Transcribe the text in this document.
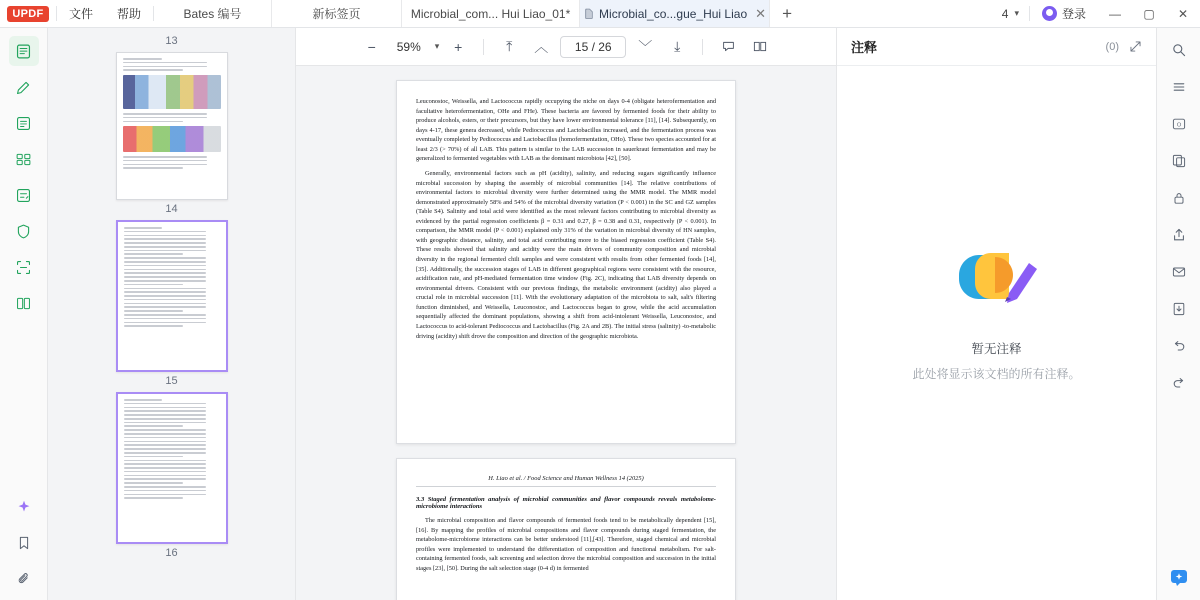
UPDF	文件	帮助	Bates 编号	新标签页	Microbial_com... Hui Liao_01* Microbial_co...gue_Hui Liao ✕ +	4 ▾	登录	—	▢	✕
13
14
15
16
−	59%	▾	+	⤒	︿	15 / 26	﹀	⤓

Leuconostoc, Weissella, and Lactococcus rapidly occupying the niche on days 0-4 (obligate heterofermentation and facultative heterofermentation, OHe and FHe). These bacteria are favored by fermented foods for their ability to produce alcohols, esters, or their precursors, but they have lower environmental tolerance [11], [14]. Subsequently, on days 4-17, these genera decreased, while Pediococcus and Lactobacillus increased, and the fermentation process was eventually completed by Pediococcus and Lactobacillus (homofermentation, OHo). These two species accounted for at least 2/3 (> 70%) of all LAB. This pattern is similar to the LAB succession in sauerkraut fermentation and may be generalized to fermented vegetables with LAB as the dominant microbiota [42], [50].

Generally, environmental factors such as pH (acidity), salinity, and reducing sugars significantly influence microbial succession by shaping the assembly of microbial communities [14]. The relative contributions of environmental factors to microbial diversity were further determined using the MMR model. The MMR model demonstrated approximately 58% and 54% of the microbial diversity variation (P < 0.001) in the SC and GZ samples (Table S4). Salinity and total acid were identified as the most relevant factors contributing to microbial diversity as evidenced by the partial regression coefficients β = 0.31 and 0.27, β = 0.38 and 0.31, respectively (P < 0.001). In comparison, the MMR model (P < 0.001) explained only 31% of the variation in microbial diversity of HN samples, with geographic distance, salinity, and total acid contributing more to the biased regression coefficient (Table S4). These results showed that salinity and acidity were the main drivers of community composition and microbial diversity in the regional fermented chili samples and were consistent with results from other fermented foods [14], [35]. Additionally, the succession stages of LAB in different geographical regions were consistent with the resource, acidification rate, and pH-mediated fermentation time window (Fig. 2C), indicating that LAB diversity depends on environmental drivers. Consistent with our previous findings, the metabolic environment (acidity) also played a crucial role in microbial succession [11]. With the evolutionary adaptation of the microbiota to salt, salt's filtering function diminished, and Weissella, Leuconostoc, and Lactococcus began to grow, while the acid accumulation sequentially affected the dominant populations, showing a shift from acid-intolerant Weissella, Leuconostoc, and Lactococcus to acid-tolerant Pediococcus and Lactobacillus (Fig. 2A and 2B). The initial stress (salinity) -to-metabolic driving (acidity) shift drove the composition and direction of the geographic microbiota.

H. Liao et al. / Food Science and Human Wellness 14 (2025)

3.3 Staged fermentation analysis of microbial communities and flavor compounds reveals metabolome-microbiome interactions

The microbial composition and flavor compounds of fermented foods tend to be metabolically dependent [15], [16]. By mapping the profiles of microbial compositions and flavor compounds during staged fermentation, the metabolome-microbiome interactions can be better understood [11],[43]. Therefore, staged chemical and microbial profiles were implemented to understand the differentiation of composition and functional metabolism. For salt-containing fermented foods, salt screening and selection drove the microbial composition and succession in the initial stages [23], [50]. During the salt selection stage (0-4 d) in fermented

注释	(0)
暂无注释
此处将显示该文档的所有注释。
O
